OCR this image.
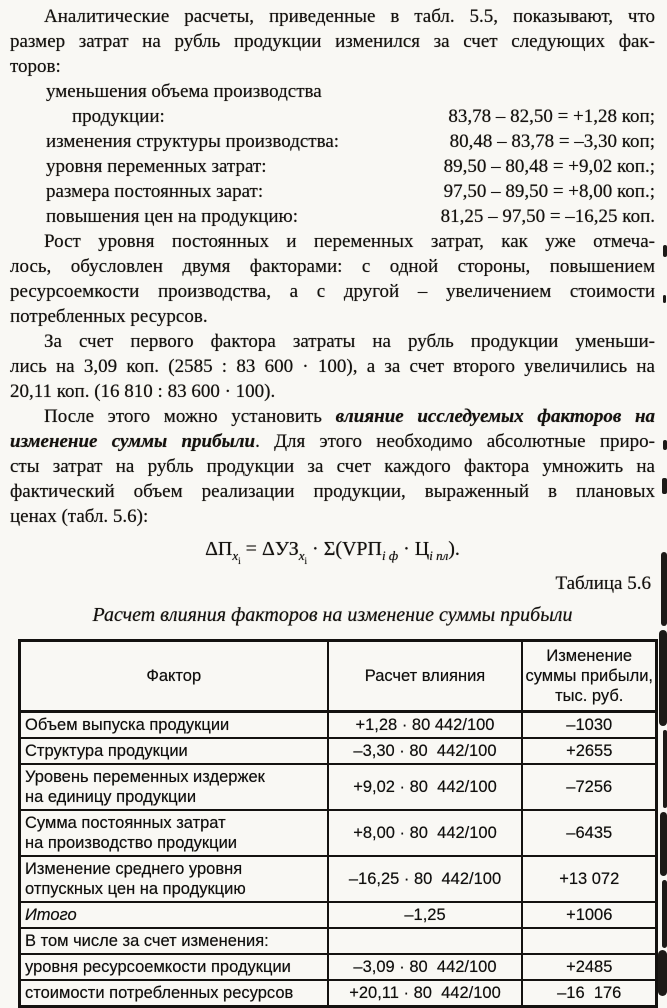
Аналитические расчеты, приведенные в табл. 5.5, показывают, что
размер затрат на рубль продукции изменился за счет следующих фак-
торов:
уменьшения объема производства
продукции:	83,78 – 82,50 = +1,28 коп;
изменения структуры производства:	80,48 – 83,78 = –3,30 коп;
уровня переменных затрат:	89,50 – 80,48 = +9,02 коп.;
размера постоянных зарат:	97,50 – 89,50 = +8,00 коп.;
повышения цен на продукцию:	81,25 – 97,50 = –16,25 коп.
Рост уровня постоянных и переменных затрат, как уже отмеча-
лось, обусловлен двумя факторами: с одной стороны, повышением
ресурсоемкости производства, а с другой – увеличением стоимости
потребленных ресурсов.
За счет первого фактора затраты на рубль продукции уменьши-
лись на 3,09 коп. (2585 : 83 600 · 100), а за счет второго увеличились на
20,11 коп. (16 810 : 83 600 · 100).
После этого можно установить влияние исследуемых факторов на
изменение суммы прибыли. Для этого необходимо абсолютные приро-
сты затрат на рубль продукции за счет каждого фактора умножить на
фактический объем реализации продукции, выраженный в плановых
ценах (табл. 5.6):
$\Delta П_{х_i} = \Delta УЗ_{х_i} \cdot \Sigma(VРП_{i ф} \cdot Ц_{i пл})$.
Таблица 5.6
Расчет влияния факторов на изменение суммы прибыли
Фактор	Расчет влияния	Изменение
суммы прибыли,
тыс. руб.

Объем выпуска продукции	+1,28 · 80 442/100	–1030

Структура продукции	–3,30 · 80  442/100	+2655

Уровень переменных издержек
на единицу продукции	+9,02 · 80  442/100	–7256

Сумма постоянных затрат
на производство продукции	+8,00 · 80  442/100	–6435

Изменение среднего уровня
отпускных цен на продукцию	–16,25 · 80  442/100	+13 072

Итого	–1,25	+1006

В том числе за счет изменения:		

уровня ресурсоемкости продукции	–3,09 · 80  442/100	+2485

стоимости потребленных ресурсов	+20,11 · 80  442/100	–16  176
